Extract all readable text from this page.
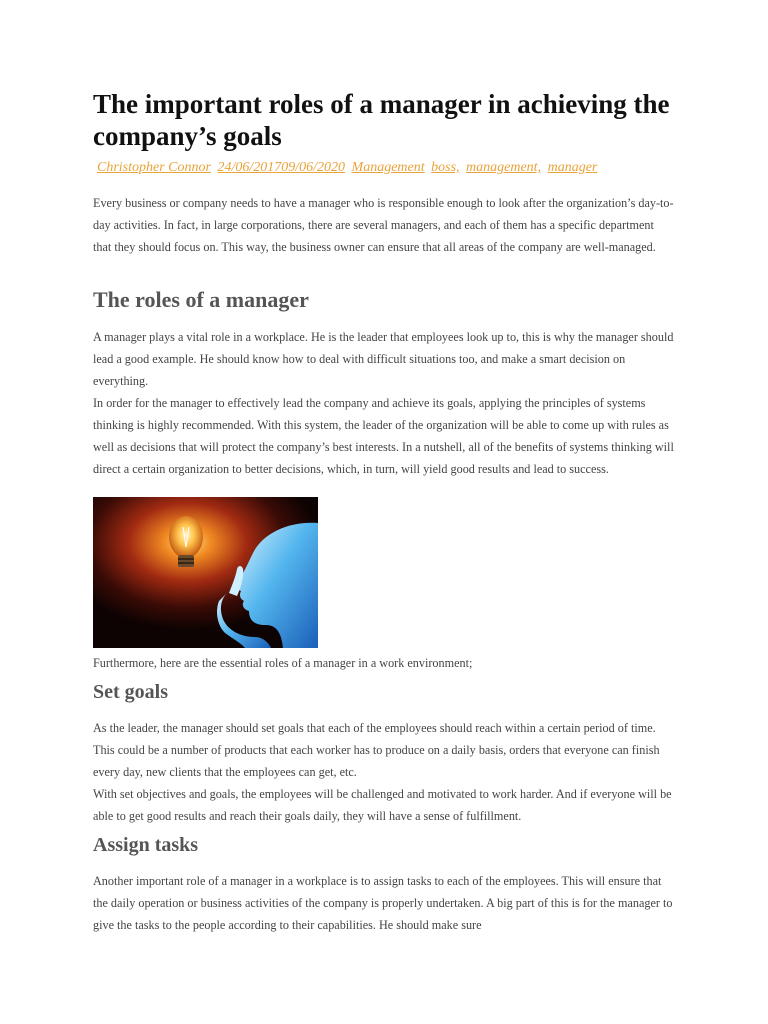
The important roles of a manager in achieving the company’s goals
Christopher Connor 24/06/201709/06/2020 Management boss, management, manager

Every business or company needs to have a manager who is responsible enough to look after the organization’s day-to-day activities. In fact, in large corporations, there are several managers, and each of them has a specific department that they should focus on. This way, the business owner can ensure that all areas of the company are well-managed.

The roles of a manager

A manager plays a vital role in a workplace. He is the leader that employees look up to, this is why the manager should lead a good example. He should know how to deal with difficult situations too, and make a smart decision on everything.

In order for the manager to effectively lead the company and achieve its goals, applying the principles of systems thinking is highly recommended. With this system, the leader of the organization will be able to come up with rules as well as decisions that will protect the company’s best interests. In a nutshell, all of the benefits of systems thinking will direct a certain organization to better decisions, which, in turn, will yield good results and lead to success.

Furthermore, here are the essential roles of a manager in a work environment;

Set goals

As the leader, the manager should set goals that each of the employees should reach within a certain period of time. This could be a number of products that each worker has to produce on a daily basis, orders that everyone can finish every day, new clients that the employees can get, etc.

With set objectives and goals, the employees will be challenged and motivated to work harder. And if everyone will be able to get good results and reach their goals daily, they will have a sense of fulfillment.

Assign tasks

Another important role of a manager in a workplace is to assign tasks to each of the employees. This will ensure that the daily operation or business activities of the company is properly undertaken. A big part of this is for the manager to give the tasks to the people according to their capabilities. He should make sure
